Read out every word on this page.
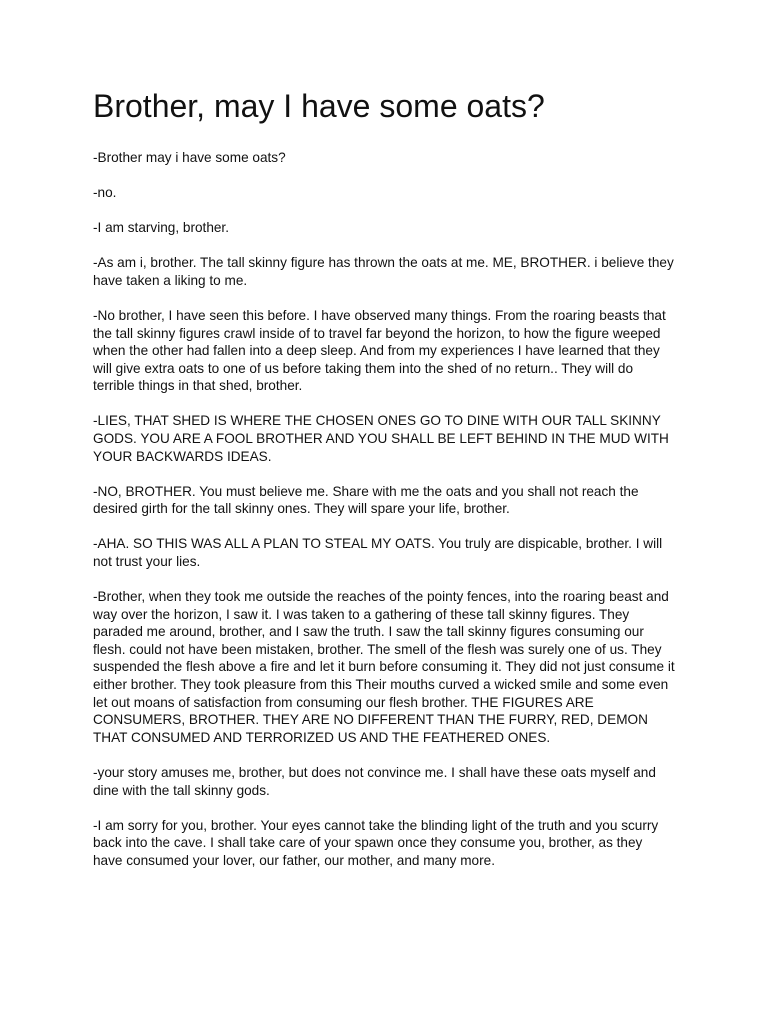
Brother, may I have some oats?

-Brother may i have some oats?

-no.

-I am starving, brother.

-As am i, brother. The tall skinny figure has thrown the oats at me. ME, BROTHER. i believe they have taken a liking to me.

-No brother, I have seen this before. I have observed many things. From the roaring beasts that the tall skinny figures crawl inside of to travel far beyond the horizon, to how the figure weeped when the other had fallen into a deep sleep. And from my experiences I have learned that they will give extra oats to one of us before taking them into the shed of no return.. They will do terrible things in that shed, brother.

-LIES, THAT SHED IS WHERE THE CHOSEN ONES GO TO DINE WITH OUR TALL SKINNY GODS. YOU ARE A FOOL BROTHER AND YOU SHALL BE LEFT BEHIND IN THE MUD WITH YOUR BACKWARDS IDEAS.

-NO, BROTHER. You must believe me. Share with me the oats and you shall not reach the desired girth for the tall skinny ones. They will spare your life, brother.

-AHA. SO THIS WAS ALL A PLAN TO STEAL MY OATS. You truly are dispicable, brother. I will not trust your lies.

-Brother, when they took me outside the reaches of the pointy fences, into the roaring beast and way over the horizon, I saw it. I was taken to a gathering of these tall skinny figures. They paraded me around, brother, and I saw the truth. I saw the tall skinny figures consuming our flesh. could not have been mistaken, brother. The smell of the flesh was surely one of us. They suspended the flesh above a fire and let it burn before consuming it. They did not just consume it either brother. They took pleasure from this Their mouths curved a wicked smile and some even let out moans of satisfaction from consuming our flesh brother. THE FIGURES ARE CONSUMERS, BROTHER. THEY ARE NO DIFFERENT THAN THE FURRY, RED, DEMON THAT CONSUMED AND TERRORIZED US AND THE FEATHERED ONES.

-your story amuses me, brother, but does not convince me. I shall have these oats myself and dine with the tall skinny gods.

-I am sorry for you, brother. Your eyes cannot take the blinding light of the truth and you scurry back into the cave. I shall take care of your spawn once they consume you, brother, as they have consumed your lover, our father, our mother, and many more.
